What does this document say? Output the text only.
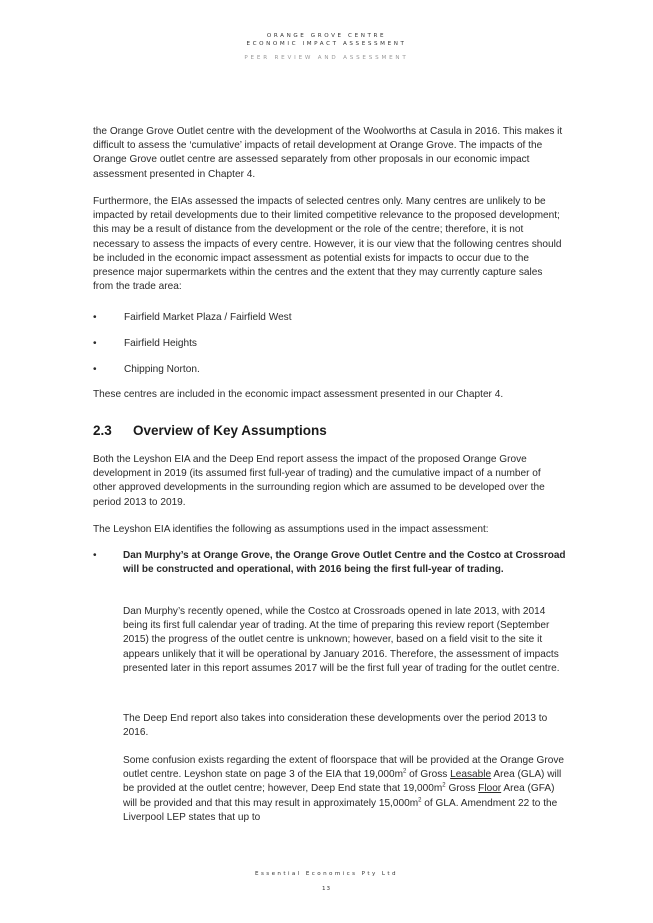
ORANGE GROVE CENTRE
ECONOMIC IMPACT ASSESSMENT
PEER REVIEW AND ASSESSMENT

the Orange Grove Outlet centre with the development of the Woolworths at Casula in 2016. This makes it difficult to assess the ‘cumulative’ impacts of retail development at Orange Grove. The impacts of the Orange Grove outlet centre are assessed separately from other proposals in our economic impact assessment presented in Chapter 4.

Furthermore, the EIAs assessed the impacts of selected centres only. Many centres are unlikely to be impacted by retail developments due to their limited competitive relevance to the proposed development; this may be a result of distance from the development or the role of the centre; therefore, it is not necessary to assess the impacts of every centre. However, it is our view that the following centres should be included in the economic impact assessment as potential exists for impacts to occur due to the presence major supermarkets within the centres and the extent that they may currently capture sales from the trade area:

•	Fairfield Market Plaza / Fairfield West
•	Fairfield Heights
•	Chipping Norton.

These centres are included in the economic impact assessment presented in our Chapter 4.

2.3 Overview of Key Assumptions

Both the Leyshon EIA and the Deep End report assess the impact of the proposed Orange Grove development in 2019 (its assumed first full-year of trading) and the cumulative impact of a number of other approved developments in the surrounding region which are assumed to be developed over the period 2013 to 2019.

The Leyshon EIA identifies the following as assumptions used in the impact assessment:

•	Dan Murphy’s at Orange Grove, the Orange Grove Outlet Centre and the Costco at Crossroad will be constructed and operational, with 2016 being the first full-year of trading.
Dan Murphy’s recently opened, while the Costco at Crossroads opened in late 2013, with 2014 being its first full calendar year of trading. At the time of preparing this review report (September 2015) the progress of the outlet centre is unknown; however, based on a field visit to the site it appears unlikely that it will be operational by January 2016. Therefore, the assessment of impacts presented later in this report assumes 2017 will be the first full year of trading for the outlet centre.
The Deep End report also takes into consideration these developments over the period 2013 to 2016.
Some confusion exists regarding the extent of floorspace that will be provided at the Orange Grove outlet centre. Leyshon state on page 3 of the EIA that $19,000m^2$ of Gross Leasable Area (GLA) will be provided at the outlet centre; however, Deep End state that $19,000m^2$ Gross Floor Area (GFA) will be provided and that this may result in approximately $15,000m^2$ of GLA. Amendment 22 to the Liverpool LEP states that up to
Essential Economics Pty Ltd
13
